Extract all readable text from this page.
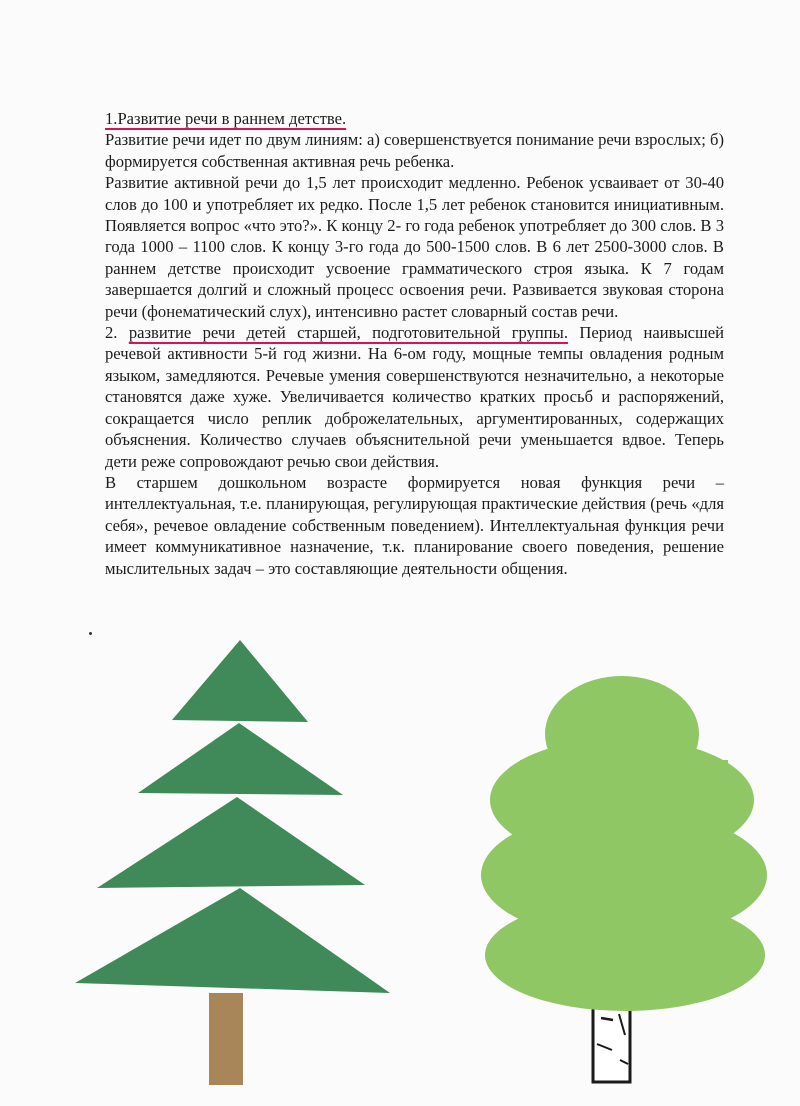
1.Развитие речи в раннем детстве.

Развитие речи идет по двум линиям: а) совершенствуется понимание речи взрослых; б) формируется собственная активная речь ребенка.

Развитие активной речи до 1,5 лет происходит медленно. Ребенок усваивает от 30-40 слов до 100 и употребляет их редко. После 1,5 лет ребенок становится инициативным. Появляется вопрос «что это?». К концу 2- го года ребенок употребляет до 300 слов. В 3 года 1000 – 1100 слов. К концу 3-го года до 500-1500 слов. В 6 лет 2500-3000 слов. В раннем детстве происходит усвоение грамматического строя языка. К 7 годам завершается долгий и сложный процесс освоения речи. Развивается звуковая сторона речи (фонематический слух), интенсивно растет словарный состав речи.

2. развитие речи детей старшей, подготовительной группы. Период наивысшей речевой активности 5-й год жизни. На 6-ом году, мощные темпы овладения родным языком, замедляются. Речевые умения совершенствуются незначительно, а некоторые становятся даже хуже. Увеличивается количество кратких просьб и распоряжений, сокращается число реплик доброжелательных, аргументированных, содержащих объяснения. Количество случаев объяснительной речи уменьшается вдвое. Теперь дети реже сопровождают речью свои действия.

В старшем дошкольном возрасте формируется новая функция речи – интеллектуальная, т.е. планирующая, регулирующая практические действия (речь «для себя», речевое овладение собственным поведением). Интеллектуальная функция речи имеет коммуникативное назначение, т.к. планирование своего поведения, решение мыслительных задач – это составляющие деятельности общения.
